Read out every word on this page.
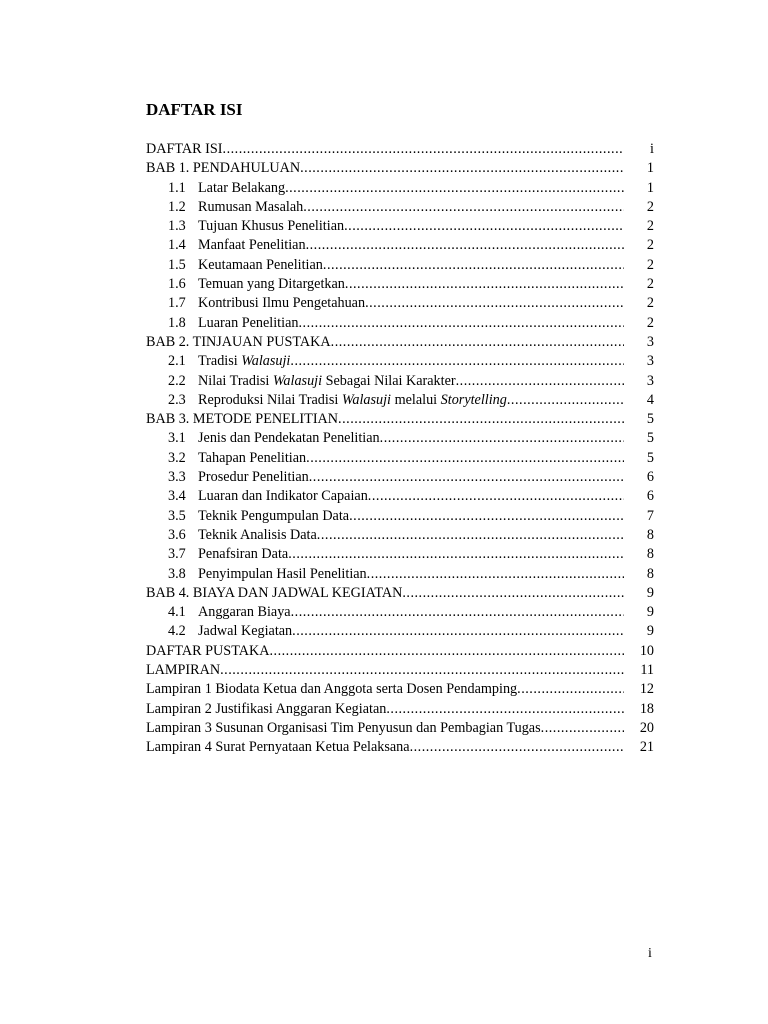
DAFTAR ISI
DAFTAR ISI .....	i
BAB 1. PENDAHULUAN .....	1
1.1 Latar Belakang .....	1
1.2 Rumusan Masalah .....	2
1.3 Tujuan Khusus Penelitian .....	2
1.4 Manfaat Penelitian .....	2
1.5 Keutamaan Penelitian .....	2
1.6 Temuan yang Ditargetkan .....	2
1.7 Kontribusi Ilmu Pengetahuan .....	2
1.8 Luaran Penelitian .....	2
BAB 2. TINJAUAN PUSTAKA .....	3
2.1 Tradisi Walasuji .....	3
2.2 Nilai Tradisi Walasuji Sebagai Nilai Karakter .....	3
2.3 Reproduksi Nilai Tradisi Walasuji melalui Storytelling .....	4
BAB 3. METODE PENELITIAN .....	5
3.1 Jenis dan Pendekatan Penelitian .....	5
3.2 Tahapan Penelitian .....	5
3.3 Prosedur Penelitian .....	6
3.4 Luaran dan Indikator Capaian .....	6
3.5 Teknik Pengumpulan Data .....	7
3.6 Teknik Analisis Data .....	8
3.7 Penafsiran Data .....	8
3.8 Penyimpulan Hasil Penelitian .....	8
BAB 4. BIAYA DAN JADWAL KEGIATAN .....	9
4.1 Anggaran Biaya .....	9
4.2 Jadwal Kegiatan .....	9
DAFTAR PUSTAKA .....	10
LAMPIRAN .....	11
Lampiran 1 Biodata Ketua dan Anggota serta Dosen Pendamping .....	12
Lampiran 2 Justifikasi Anggaran Kegiatan .....	18
Lampiran 3 Susunan Organisasi Tim Penyusun dan Pembagian Tugas .....	20
Lampiran 4 Surat Pernyataan Ketua Pelaksana .....	21
i
